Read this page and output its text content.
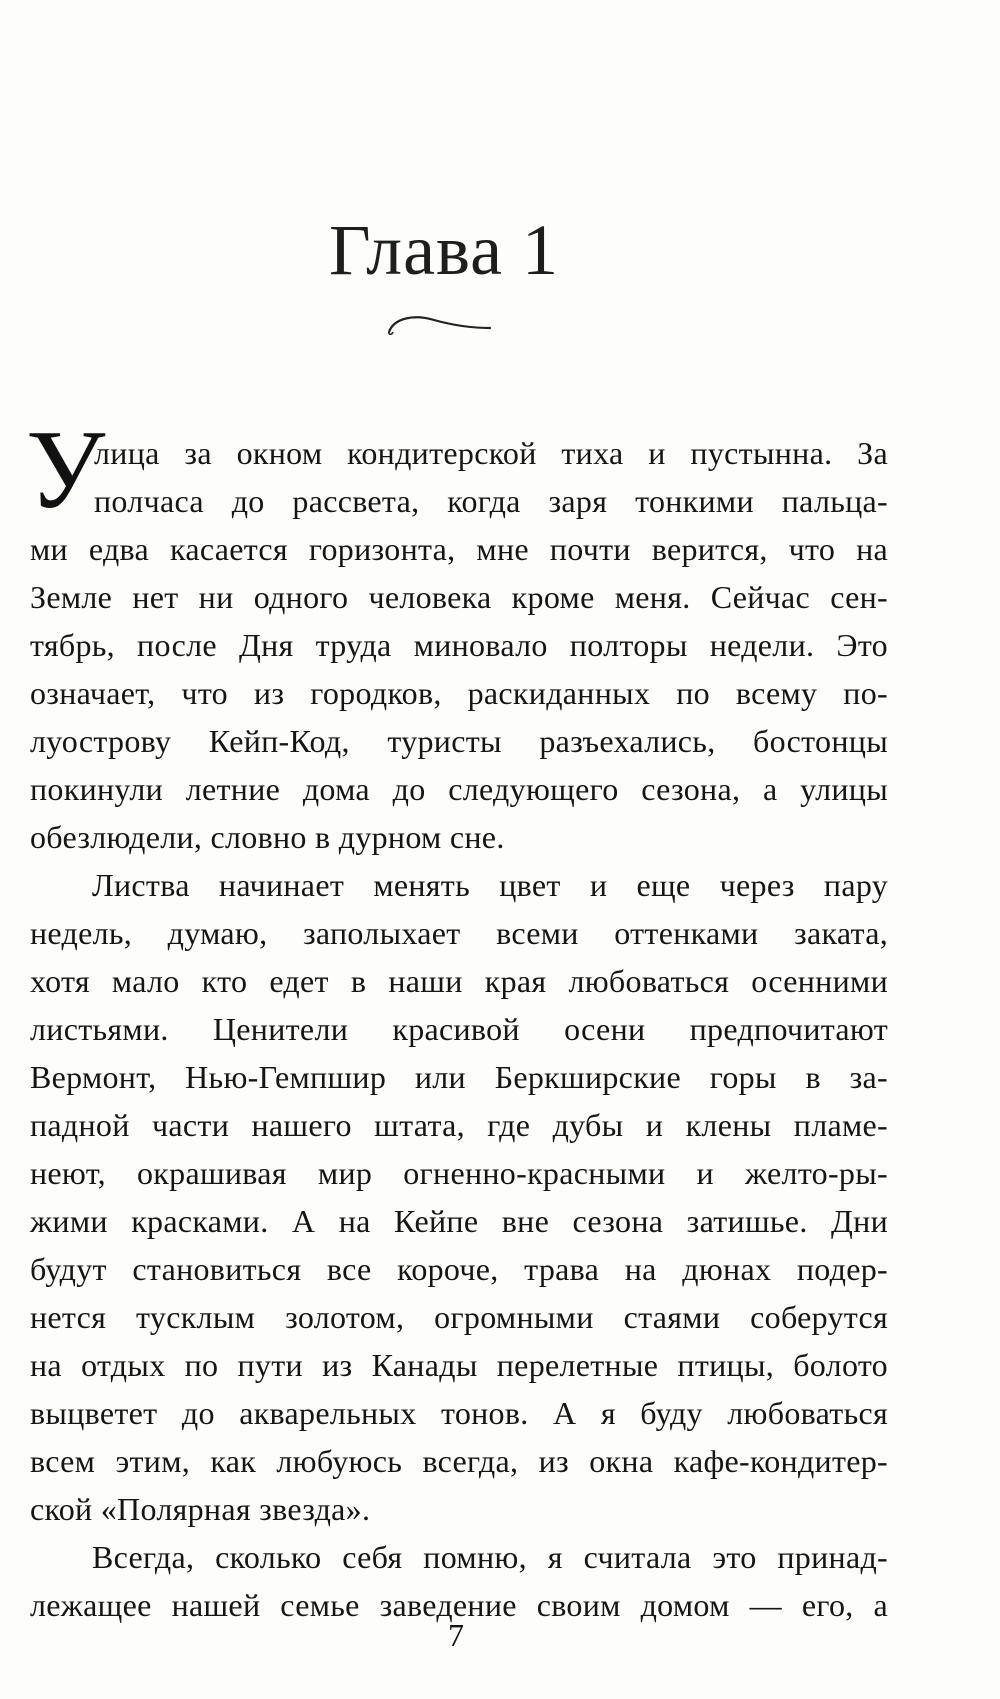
Глава 1
У
лица за окном кондитерской тиха и пустынна. За
полчаса до рассвета, когда заря тонкими пальца-
ми едва касается горизонта, мне почти верится, что на
Земле нет ни одного человека кроме меня. Сейчас сен-
тябрь, после Дня труда миновало полторы недели. Это
означает, что из городков, раскиданных по всему по-
луострову Кейп-Код, туристы разъехались, бостонцы
покинули летние дома до следующего сезона, а улицы
обезлюдели, словно в дурном сне.
Листва начинает менять цвет и еще через пару
недель, думаю, заполыхает всеми оттенками заката,
хотя мало кто едет в наши края любоваться осенними
листьями. Ценители красивой осени предпочитают
Вермонт, Нью-Гемпшир или Беркширские горы в за-
падной части нашего штата, где дубы и клены пламе-
неют, окрашивая мир огненно-красными и желто-ры-
жими красками. А на Кейпе вне сезона затишье. Дни
будут становиться все короче, трава на дюнах подер-
нется тусклым золотом, огромными стаями соберутся
на отдых по пути из Канады перелетные птицы, болото
выцветет до акварельных тонов. А я буду любоваться
всем этим, как любуюсь всегда, из окна кафе-кондитер-
ской «Полярная звезда».
Всегда, сколько себя помню, я считала это принад-
лежащее нашей семье заведение своим домом — его, а
7
